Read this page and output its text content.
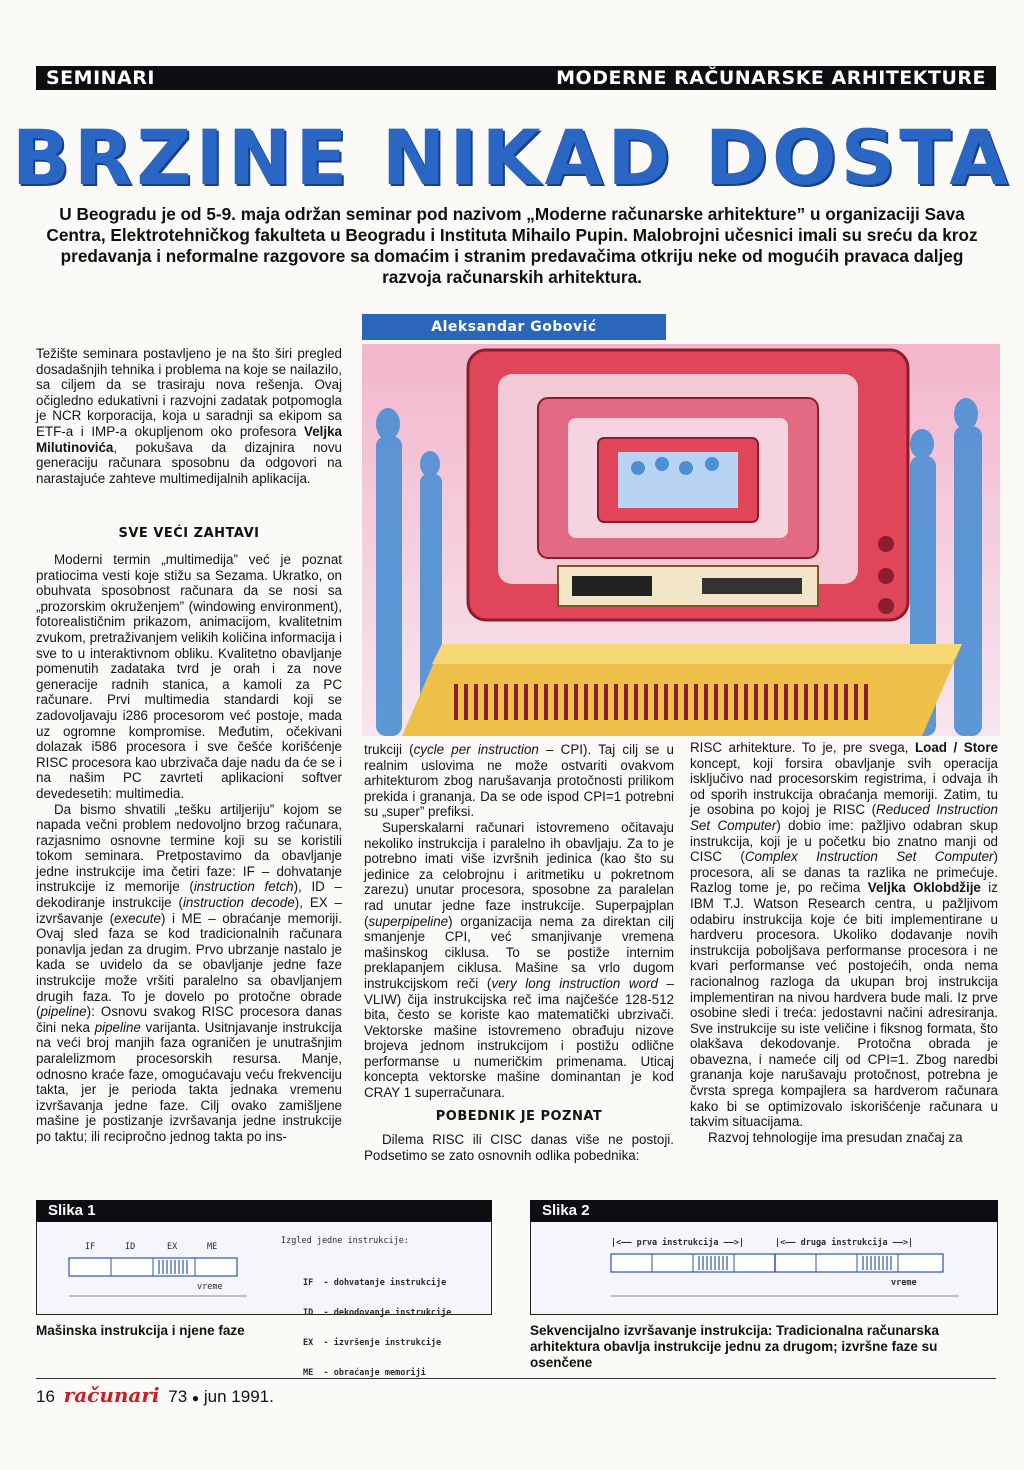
SEMINARI	MODERNE RAČUNARSKE ARHITEKTURE
BRZINE NIKAD DOSTA
U Beogradu je od 5-9. maja održan seminar pod nazivom „Moderne računarske arhitekture” u organizaciji Sava Centra, Elektrotehničkog fakulteta u Beogradu i Instituta Mihailo Pupin. Malobrojni učesnici imali su sreću da kroz predavanja i neformalne razgovore sa domaćim i stranim predavačima otkriju neke od mogućih pravaca daljeg razvoja računarskih arhitektura.
Aleksandar Gobović

Težište seminara postavljeno je na što širi pregled dosadašnjih tehnika i problema na koje se nailazilo, sa ciljem da se trasiraju nova rešenja. Ovaj očigledno edukativni i razvojni zadatak potpomogla je NCR korporacija, koja u saradnji sa ekipom sa ETF-a i IMP-a okupljenom oko profesora Veljka Milutinovića, pokušava da dizajnira novu generaciju računara sposobnu da odgovori na narastajuće zahteve multimedijalnih aplikacija.

SVE VEĆI ZAHTAVI

Moderni termin „multimedija” već je poznat pratiocima vesti koje stižu sa Sezama. Ukratko, on obuhvata sposobnost računara da se nosi sa „prozorskim okruženjem” (windowing environment), fotorealističnim prikazom, animacijom, kvalitetnim zvukom, pretraživanjem velikih količina informacija i sve to u interaktivnom obliku. Kvalitetno obavljanje pomenutih zadataka tvrd je orah i za nove generacije radnih stanica, a kamoli za PC računare. Prvi multimedia standardi koji se zadovoljavaju i286 procesorom već postoje, mada uz ogromne kompromise. Međutim, očekivani dolazak i586 procesora i sve češće korišćenje RISC procesora kao ubrzivača daje nadu da će se i na našim PC zavrteti aplikacioni softver devedesetih: multimedia.

Da bismo shvatili „tešku artiljeriju” kojom se napada večni problem nedovoljno brzog računara, razjasnimo osnovne termine koji su se koristili tokom seminara. Pretpostavimo da obavljanje jedne instrukcije ima četiri faze: IF – dohvatanje instrukcije iz memorije (instruction fetch), ID – dekodiranje instrukcije (instruction decode), EX – izvršavanje (execute) i ME – obraćanje memoriji. Ovaj sled faza se kod tradicionalnih računara ponavlja jedan za drugim. Prvo ubrzanje nastalo je kada se uvidelo da se obavljanje jedne faze instrukcije može vršiti paralelno sa obavljanjem drugih faza. To je dovelo po protočne obrade (pipeline): Osnovu svakog RISC procesora danas čini neka pipeline varijanta. Usitnjavanje instrukcija na veći broj manjih faza ograničen je unutrašnjim paralelizmom procesorskih resursa. Manje, odnosno kraće faze, omogućavaju veću frekvenciju takta, jer je perioda takta jednaka vremenu izvršavanja jedne faze. Cilj ovako zamišljene mašine je postizanje izvršavanja jedne instrukcije po taktu; ili recipročno jednog takta po ins-

trukciji (cycle per instruction – CPI). Taj cilj se u realnim uslovima ne može ostvariti ovakvom arhitekturom zbog narušavanja protočnosti prilikom prekida i grananja. Da se ode ispod CPI=1 potrebni su „super” prefiksi.

Superskalarni računari istovremeno očitavaju nekoliko instrukcija i paralelno ih obavljaju. Za to je potrebno imati više izvršnih jedinica (kao što su jedinice za celobrojnu i aritmetiku u pokretnom zarezu) unutar procesora, sposobne za paralelan rad unutar jedne faze instrukcije. Superpajplan (superpipeline) organizacija nema za direktan cilj smanjenje CPI, već smanjivanje vremena mašinskog ciklusa. To se postiže internim preklapanjem ciklusa. Mašine sa vrlo dugom instrukcijskom reči (very long instruction word – VLIW) čija instrukcijska reč ima najčešće 128-512 bita, često se koriste kao matematički ubrzivači. Vektorske mašine istovremeno obrađuju nizove brojeva jednom instrukcijom i postižu odlične performanse u numeričkim primenama. Uticaj koncepta vektorske mašine dominantan je kod CRAY 1 superračunara.

POBEDNIK JE POZNAT

Dilema RISC ili CISC danas više ne postoji. Podsetimo se zato osnovnih odlika pobednika:

RISC arhitekture. To je, pre svega, Load / Store koncept, koji forsira obavljanje svih operacija isključivo nad procesorskim registrima, i odvaja ih od sporih instrukcija obraćanja memoriji. Zatim, tu je osobina po kojoj je RISC (Reduced Instruction Set Computer) dobio ime: pažljivo odabran skup instrukcija, koji je u početku bio znatno manji od CISC (Complex Instruction Set Computer) procesora, ali se danas ta razlika ne primećuje. Razlog tome je, po rečima Veljka Oklobdžije iz IBM T.J. Watson Research centra, u pažljivom odabiru instrukcija koje će biti implementirane u hardveru procesora. Ukoliko dodavanje novih instrukcija poboljšava performanse procesora i ne kvari performanse već postojećih, onda nema racionalnog razloga da ukupan broj instrukcija implementiran na nivou hardvera bude mali. Iz prve osobine sledi i treća: jedostavni načini adresiranja. Sve instrukcije su iste veličine i fiksnog formata, što olakšava dekodovanje. Protočna obrada je obavezna, i nameće cilj od CPI=1. Zbog naredbi grananja koje narušavaju protočnost, potrebna je čvrsta sprega kompajlera sa hardverom računara kako bi se optimizovalo iskorišćenje računara u takvim situacijama.

Razvoj tehnologije ima presudan značaj za

Slika 1
IF	ID	EX	ME
vreme
Izgled jedne instrukcije:

IF  - dohvatanje instrukcije

ID  - dekodovanje instrukcije

EX  - izvršenje instrukcije

ME  - obraćanje memoriji

Mašinska instrukcija i njene faze
Slika 2
|<—— prva instrukcija ——>|	|<—— druga instrukcija ——>|
vreme
Sekvencijalno izvršavanje instrukcija: Tradicionalna računarska arhitektura obavlja instrukcije jednu za drugom; izvršne faze su osenčene
16 računari 73 ● jun 1991.
